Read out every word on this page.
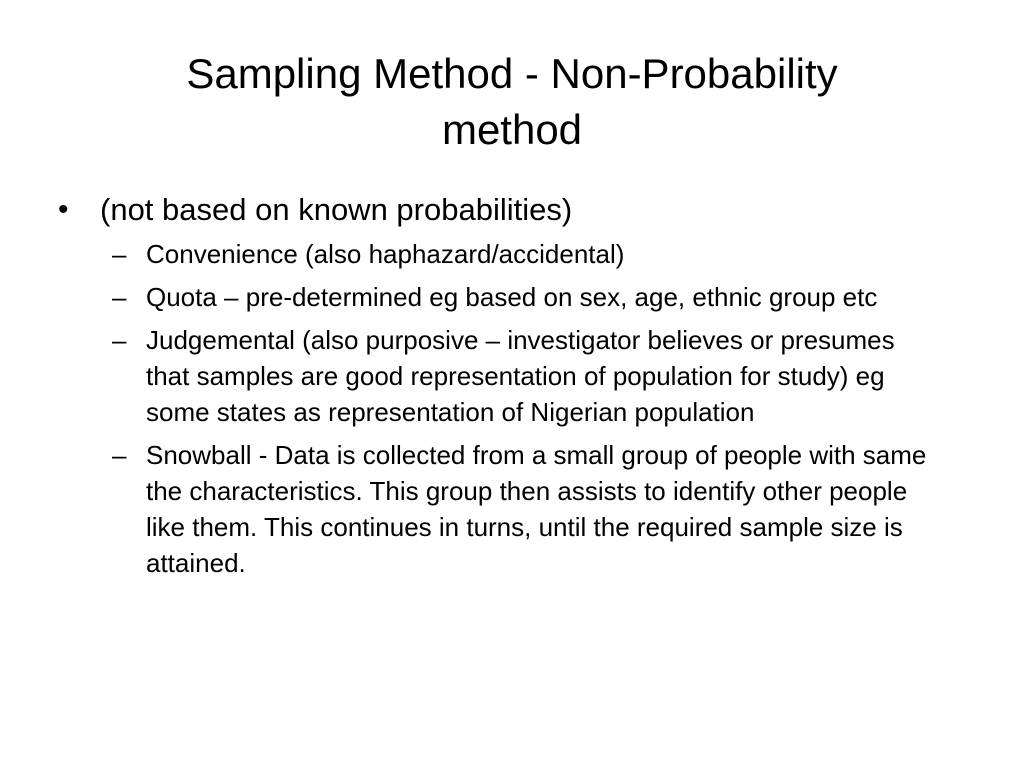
Sampling Method - Non-Probability
method
•	(not based on known probabilities)
– Convenience (also haphazard/accidental)
– Quota – pre-determined eg based on sex, age, ethnic group etc
– Judgemental (also purposive – investigator believes or presumes that samples are good representation of population for study) eg some states as representation of Nigerian population
– Snowball - Data is collected from a small group of people with same the characteristics. This group then assists to identify other people like them. This continues in turns, until the required sample size is attained.
